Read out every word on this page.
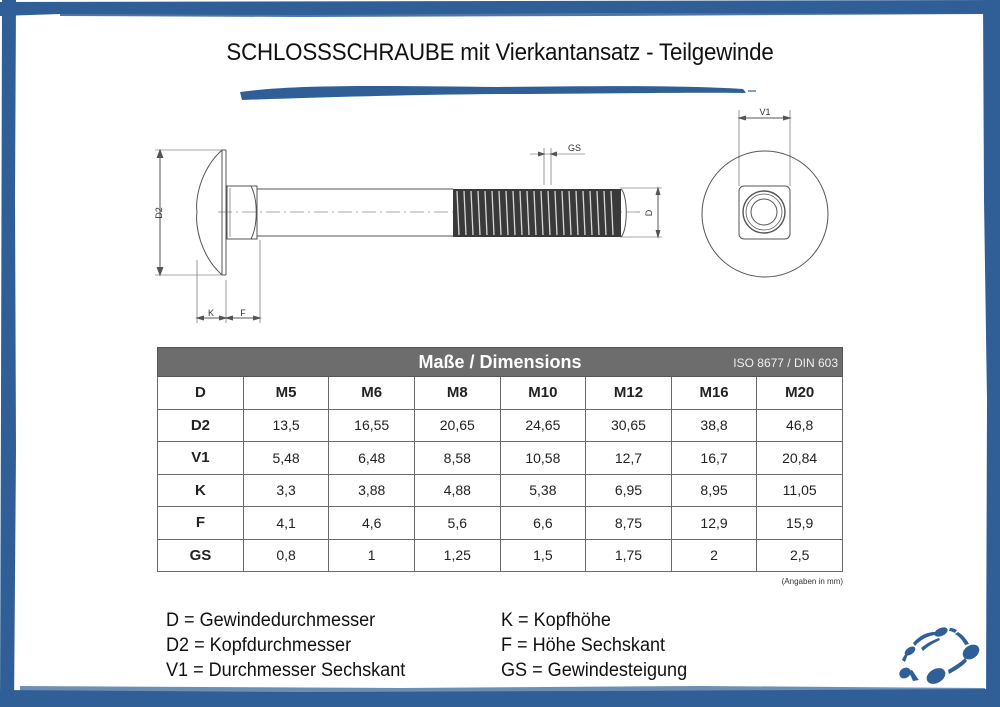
SCHLOSSSCHRAUBE mit Vierkantansatz - Teilgewinde
D2
K	F
GS
D
V1
Maße / Dimensions ISO 8677 / DIN 603							

D	M5	M6	M8	M10	M12	M16	M20
D2	13,5	16,55	20,65	24,65	30,65	38,8	46,8
V1	5,48	6,48	8,58	10,58	12,7	16,7	20,84
K	3,3	3,88	4,88	5,38	6,95	8,95	11,05
F	4,1	4,6	5,6	6,6	8,75	12,9	15,9
GS	0,8	1	1,25	1,5	1,75	2	2,5
(Angaben in mm)
D = Gewindedurchmesser
D2 = Kopfdurchmesser
V1 = Durchmesser Sechskant
K = Kopfhöhe
F = Höhe Sechskant
GS = Gewindesteigung
